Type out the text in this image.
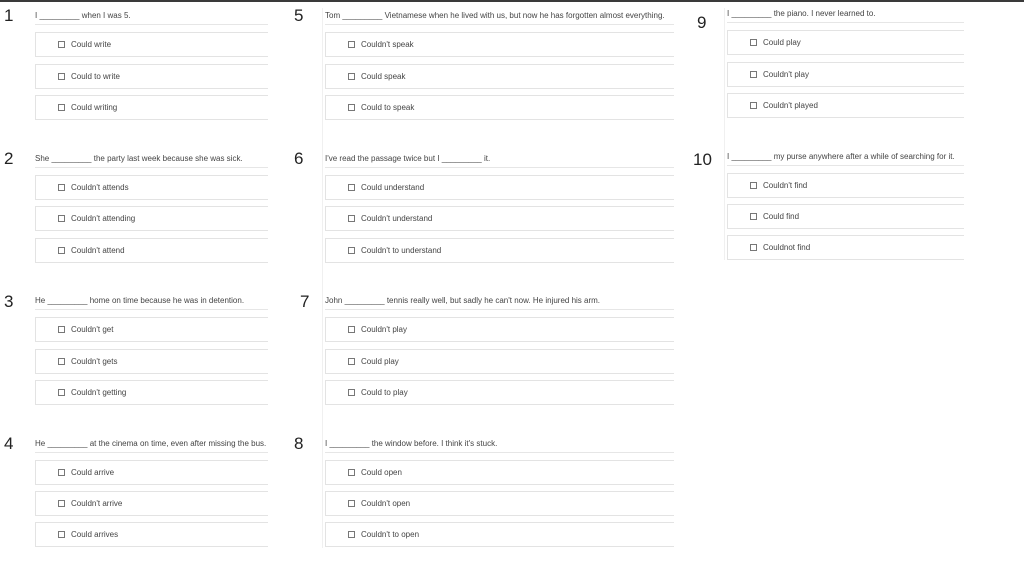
1	I _________ when I was 5.
Could write
Could to write
Could writing
2	She _________ the party last week because she was sick.
Couldn't attends
Couldn't attending
Couldn't attend
3	He _________ home on time because he was in detention.
Couldn't get
Couldn't gets
Couldn't getting
4	He _________ at the cinema on time, even after missing the bus.
Could arrive
Couldn't arrive
Could arrives
5	Tom _________ Vietnamese when he lived with us, but now he has forgotten almost everything.
Couldn't speak
Could speak
Could to speak
6	I've read the passage twice but I _________ it.
Could understand
Couldn't understand
Couldn't to understand
7 John _________ tennis really well, but sadly he can't now. He injured his arm.
Couldn't play
Could play
Could to play
8	I _________ the window before. I think it's stuck.
Could open
Couldn't open
Couldn't to open
9	I _________ the piano. I never learned to.
Could play
Couldn't play
Couldn't played
10 I _________ my purse anywhere after a while of searching for it.
Couldn't find
Could find
Couldnot find
